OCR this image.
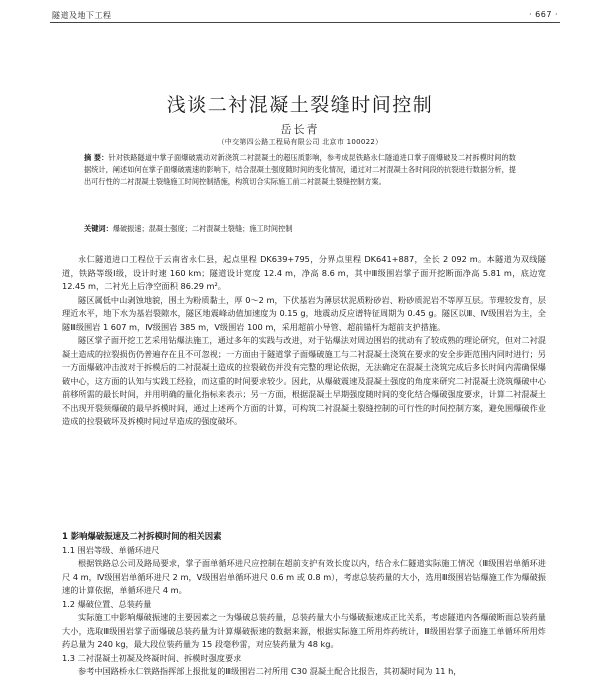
隧道及地下工程	· 667 ·
浅谈二衬混凝土裂缝时间控制
岳长青
（中交第四公路工程局有限公司 北京市 100022）

摘 要：针对铁路隧道中掌子面爆破震动对新浇筑二衬混凝土的超压质影响，参考成昆铁路永仁隧道进口掌子面爆破及二衬拆模时间的数据统计，阐述如何在掌子面爆破震速的影响下，结合混凝土强度随时间的变化情况，通过对二衬混凝土各时间段的抗裂进行数据分析，提出可行性的二衬混凝土裂缝施工时间控制措施，构筑切合实际施工前二衬混凝土裂缝控制方案。

关键词：爆破振速；混凝土强度；二衬混凝土裂缝；施工时间控制

永仁隧道进口工程位于云南省永仁县，起点里程 DK639+795，分界点里程 DK641+887，全长 2 092 m。本隧道为双线隧道，铁路等级Ⅰ级，设计时速 160 km；隧道设计宽度 12.4 m，净高 8.6 m，其中Ⅲ级围岩掌子面开挖断面净高 5.81 m，底边宽 12.45 m，二衬光上后净空面积 86.29 m²。

隧区属低中山剥蚀地貌，围土为粉质黏土，厚 0～2 m，下伏基岩为薄层状泥质粉砂岩、粉砂质泥岩不等厚互层。节理较发育，层理近水平，地下水为基岩裂隙水，隧区地震峰动值加速度为 0.15 g，地震动反应谱特征周期为 0.45 g。隧区以Ⅲ、Ⅳ级围岩为主，全隧Ⅲ级围岩 1 607 m，Ⅳ级围岩 385 m，Ⅴ级围岩 100 m，采用超前小导管、超前锚杆为超前支护措施。

隧区掌子面开挖工艺采用钻爆法施工，通过多年的实践与改进，对于钻爆法对周边围岩的扰动有了较成熟的理论研究，但对二衬混凝土造成的拉裂损伤仍普遍存在且不可忽视；一方面由于隧道掌子面爆破施工与二衬混凝土浇筑在要求的安全步距范围内同时进行；另一方面爆破冲击波对于拆模后的二衬混凝土造成的拉裂破伤并没有完整的理论依据，无法确定在混凝土浇筑完成后多长时间内需确保爆破中心，这方面的认知与实践工经验，而这重的时间要求较少。因此，从爆破震速及混凝土强度的角度来研究二衬混凝土浇筑爆破中心前移所需的最长时间，并用明确的量化指标来表示；另一方面，根据混凝土早期强度随时间的变化结合爆破强度要求，计算二衬混凝土不出现开裂须爆破的最早拆模时间，通过上述两个方面的计算，可构筑二衬混凝土裂缝控制的可行性的时间控制方案，避免围爆破作业造成的拉裂破坏及拆模时间过早造成的强度破坏。

1 影响爆破振速及二衬拆模时间的相关因素

1.1 围岩等级、单循环进尺

根据铁路总公司及路局要求，掌子面单循环进尺应控制在超前支护有效长度以内，结合永仁隧道实际施工情况（Ⅲ级围岩单循环进尺 4 m，Ⅳ级围岩单循环进尺 2 m，Ⅴ级围岩单循环进尺 0.6 m 或 0.8 m），考虑总装药量的大小，选用Ⅲ级围岩钻爆施工作为爆破振速的计算依据，单循环进尺 4 m。

1.2 爆破位置、总装药量

实际施工中影响爆破振速的主要因素之一为爆破总装药量，总装药量大小与爆破振速成正比关系，考虑隧道内各爆破断面总装药量大小，选取Ⅲ级围岩掌子面爆破总装药量为计算爆破振速的数据来源，根据实际施工所用炸药统计，Ⅲ级围岩掌子面施工单循环所用炸药总量为 240 kg，最大段位装药量为 15 段毫秒雷，对应装药量为 48 kg。

1.3 二衬混凝土初凝及终凝时间、拆模时强度要求

参考中国路桥永仁铁路指挥部上报批复的Ⅲ级围岩二衬所用 C30 混凝土配合比报告，其初凝时间为 11 h，
